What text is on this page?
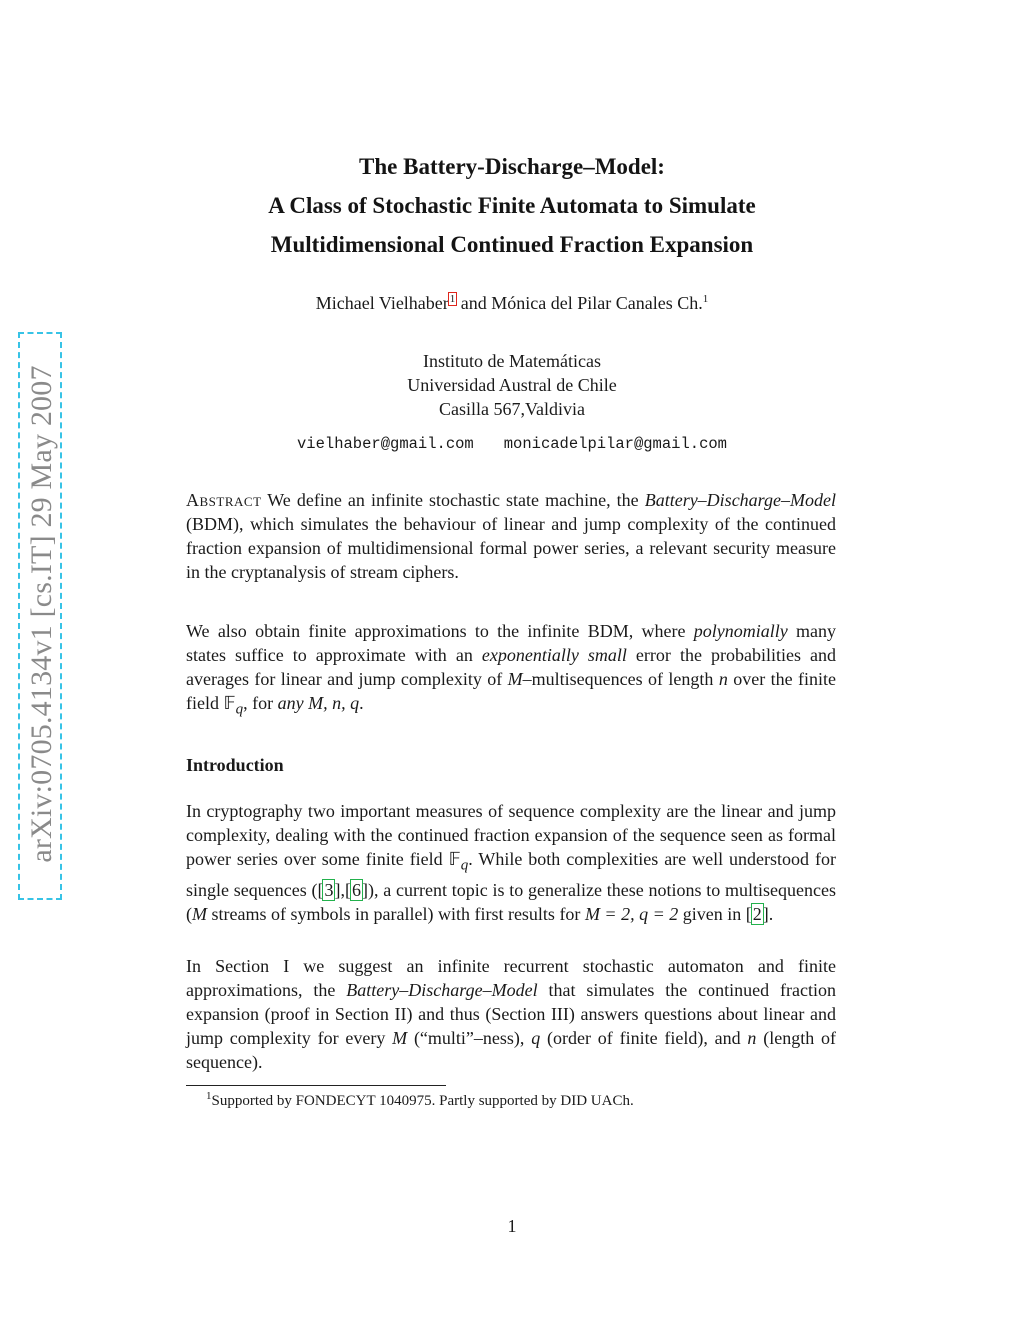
arXiv:0705.4134v1 [cs.IT] 29 May 2007
The Battery-Discharge–Model:
A Class of Stochastic Finite Automata to Simulate
Multidimensional Continued Fraction Expansion
Michael Vielhaber$^1$ and Mónica del Pilar Canales Ch.$^1$
Instituto de Matemáticas
Universidad Austral de Chile
Casilla 567,Valdivia
vielhaber@gmail.com monicadelpilar@gmail.com

Abstract We define an infinite stochastic state machine, the Battery–Discharge–Model (BDM), which simulates the behaviour of linear and jump complexity of the continued fraction expansion of multidimensional formal power series, a relevant security measure in the cryptanalysis of stream ciphers.

We also obtain finite approximations to the infinite BDM, where polynomially many states suffice to approximate with an exponentially small error the probabilities and averages for linear and jump complexity of M–multisequences of length n over the finite field 𝔽$_q$, for any M, n, q.

Introduction

In cryptography two important measures of sequence complexity are the linear and jump complexity, dealing with the continued fraction expansion of the sequence seen as formal power series over some finite field 𝔽$_q$. While both complexities are well understood for single sequences ([3],[6]), a current topic is to generalize these notions to multisequences (M streams of symbols in parallel) with first results for M = 2, q = 2 given in [2].

In Section I we suggest an infinite recurrent stochastic automaton and finite approximations, the Battery–Discharge–Model that simulates the continued fraction expansion (proof in Section II) and thus (Section III) answers questions about linear and jump complexity for every M (“multi”–ness), q (order of finite field), and n (length of sequence).

$^1$Supported by FONDECYT 1040975. Partly supported by DID UACh.
1
